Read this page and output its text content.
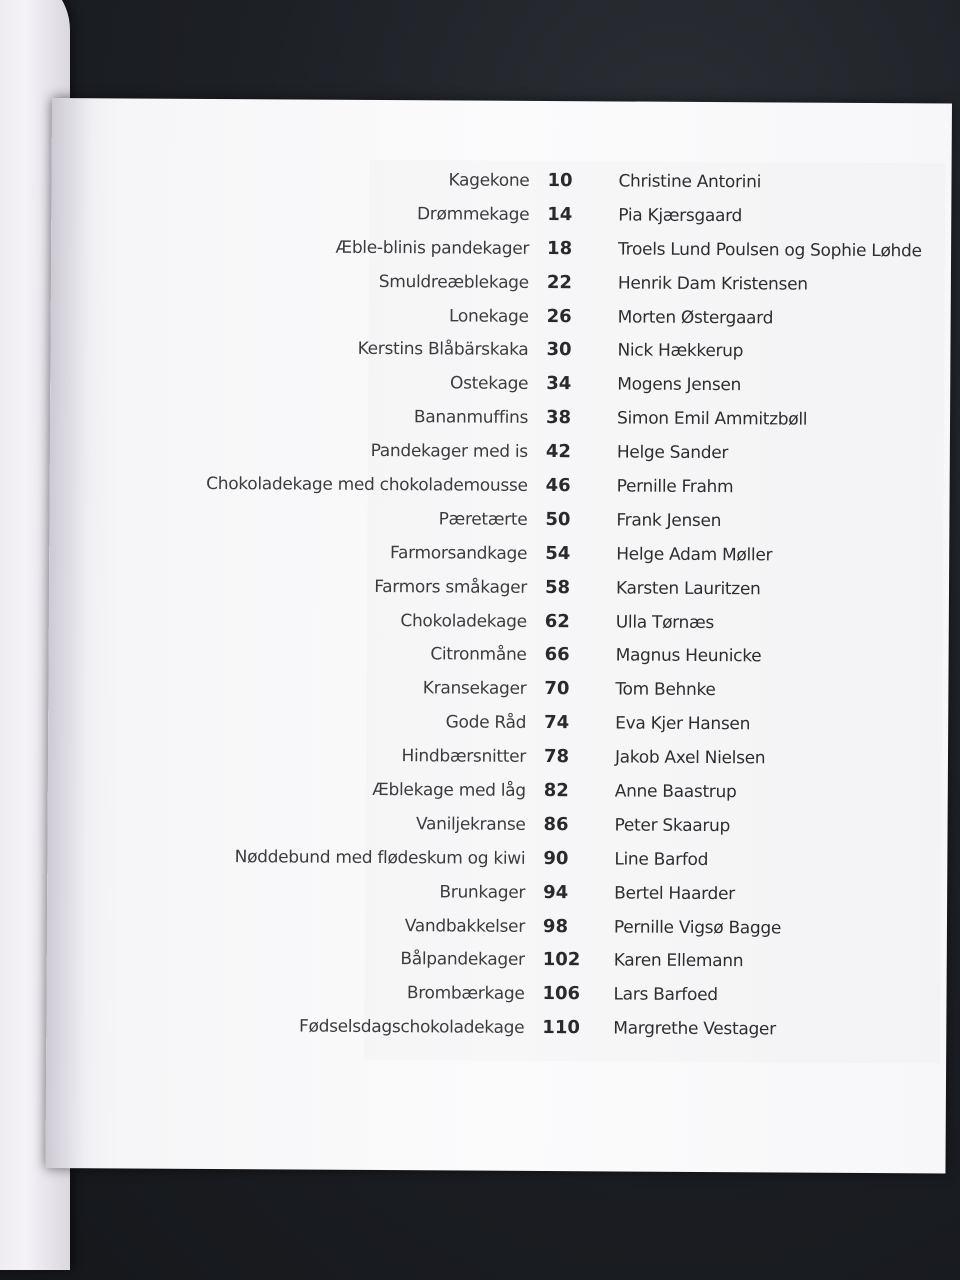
Kagekone 10	Christine Antorini
Drømmekage 14	Pia Kjærsgaard
Æble-blinis pandekager 18	Troels Lund Poulsen og Sophie Løhde
Smuldreæblekage 22	Henrik Dam Kristensen
Lonekage 26	Morten Østergaard
Kerstins Blåbärskaka 30	Nick Hækkerup
Ostekage 34	Mogens Jensen
Bananmuffins 38	Simon Emil Ammitzbøll
Pandekager med is 42	Helge Sander
Chokoladekage med chokolademousse 46	Pernille Frahm
Pæretærte 50	Frank Jensen
Farmorsandkage 54	Helge Adam Møller
Farmors småkager 58	Karsten Lauritzen
Chokoladekage 62	Ulla Tørnæs
Citronmåne 66	Magnus Heunicke
Kransekager 70	Tom Behnke
Gode Råd 74	Eva Kjer Hansen
Hindbærsnitter 78	Jakob Axel Nielsen
Æblekage med låg 82	Anne Baastrup
Vaniljekranse 86	Peter Skaarup
Nøddebund med flødeskum og kiwi 90	Line Barfod
Brunkager 94	Bertel Haarder
Vandbakkelser 98	Pernille Vigsø Bagge
Bålpandekager 102	Karen Ellemann
Brombærkage 106	Lars Barfoed
Fødselsdagschokoladekage 110	Margrethe Vestager
